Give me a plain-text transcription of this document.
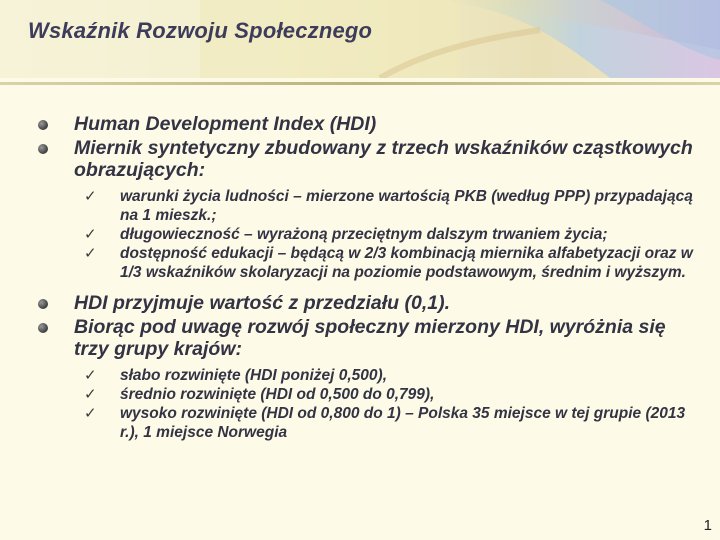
Wskaźnik Rozwoju Społecznego
Human Development Index (HDI)
Miernik syntetyczny zbudowany z trzech wskaźników cząstkowych obrazujących:
✓ warunki życia ludności – mierzone wartością PKB (według PPP) przypadającą na 1 mieszk.;
✓ długowieczność – wyrażoną przeciętnym dalszym trwaniem życia;
✓ dostępność edukacji – będącą w 2/3 kombinacją miernika alfabetyzacji oraz w 1/3 wskaźników skolaryzacji na poziomie podstawowym, średnim i wyższym.
HDI przyjmuje wartość z przedziału (0,1).
Biorąc pod uwagę rozwój społeczny mierzony HDI, wyróżnia się trzy grupy krajów:
✓ słabo rozwinięte (HDI poniżej 0,500),
✓ średnio rozwinięte (HDI od 0,500 do 0,799),
✓ wysoko rozwinięte (HDI od 0,800 do 1) – Polska 35 miejsce w tej grupie (2013 r.), 1 miejsce Norwegia
1
